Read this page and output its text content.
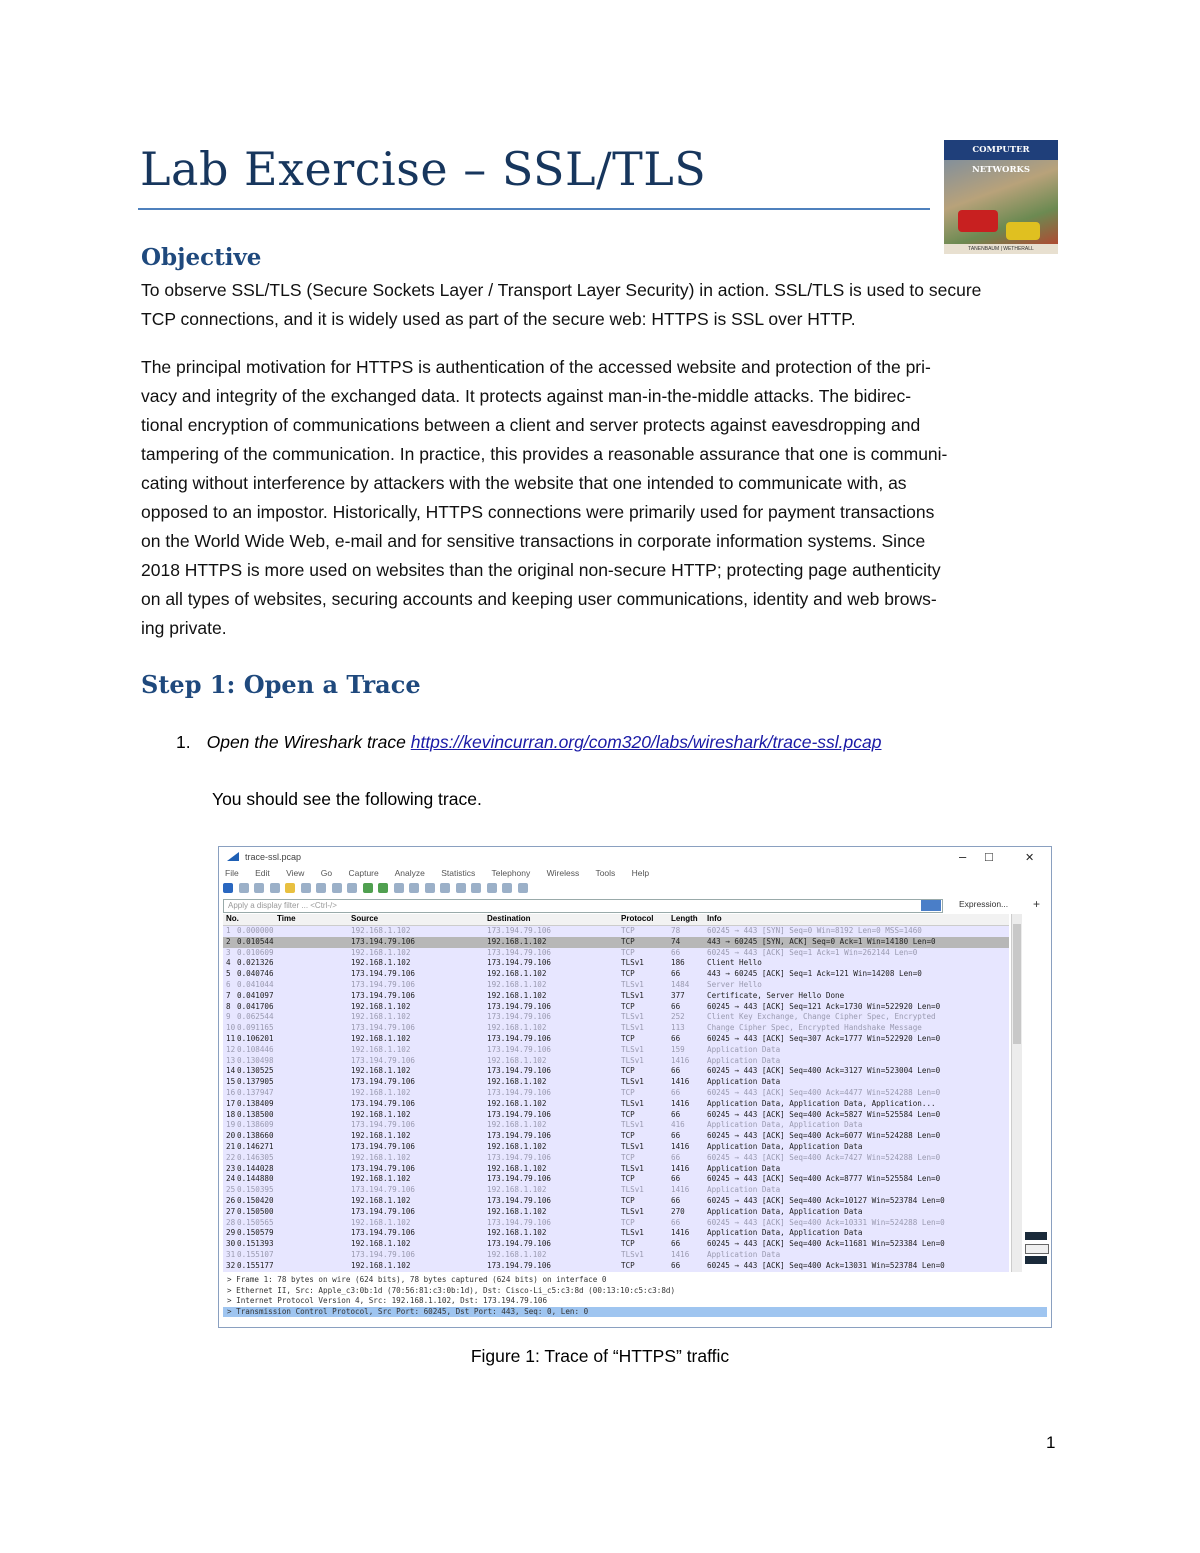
Lab Exercise – SSL/TLS	COMPUTER NETWORKS
TANENBAUM | WETHERALL
Objective
To observe SSL/TLS (Secure Sockets Layer / Transport Layer Security) in action. SSL/TLS is used to secure
TCP connections, and it is widely used as part of the secure web: HTTPS is SSL over HTTP.
The principal motivation for HTTPS is authentication of the accessed website and protection of the pri-
vacy and integrity of the exchanged data. It protects against man-in-the-middle attacks. The bidirec-
tional encryption of communications between a client and server protects against eavesdropping and
tampering of the communication. In practice, this provides a reasonable assurance that one is communi-
cating without interference by attackers with the website that one intended to communicate with, as
opposed to an impostor. Historically, HTTPS connections were primarily used for payment transactions
on the World Wide Web, e-mail and for sensitive transactions in corporate information systems. Since
2018 HTTPS is more used on websites than the original non-secure HTTP; protecting page authenticity
on all types of websites, securing accounts and keeping user communications, identity and web brows-
ing private.
Step 1: Open a Trace
1. Open the Wireshark trace https://kevincurran.org/com320/labs/wireshark/trace-ssl.pcap
You should see the following trace.
trace-ssl.pcap	– □	✕
File Edit View Go Capture Analyze Statistics Telephony Wireless Tools Help

Apply a display filter ... <Ctrl-/>	Expression... +
No.	Time	Source	Destination	Protocol Length Info
1 0.000000	192.168.1.102	173.194.79.106	TCP	78	60245 → 443 [SYN] Seq=0 Win=8192 Len=0 MSS=1460
2 0.010544	173.194.79.106	192.168.1.102	TCP	74	443 → 60245 [SYN, ACK] Seq=0 Ack=1 Win=14180 Len=0
3 0.010609	192.168.1.102	173.194.79.106	TCP	66	60245 → 443 [ACK] Seq=1 Ack=1 Win=262144 Len=0
4 0.021326	192.168.1.102	173.194.79.106	TLSv1	186	Client Hello
5 0.040746	173.194.79.106	192.168.1.102	TCP	66	443 → 60245 [ACK] Seq=1 Ack=121 Win=14208 Len=0
6 0.041044	173.194.79.106	192.168.1.102	TLSv1	1484 Server Hello
7 0.041097	173.194.79.106	192.168.1.102	TLSv1	377	Certificate, Server Hello Done
8 0.041706	192.168.1.102	173.194.79.106	TCP	66	60245 → 443 [ACK] Seq=121 Ack=1730 Win=522920 Len=0
9 0.062544	192.168.1.102	173.194.79.106	TLSv1	252	Client Key Exchange, Change Cipher Spec, Encrypted
10 0.091165	173.194.79.106	192.168.1.102	TLSv1	113	Change Cipher Spec, Encrypted Handshake Message
11 0.106201	192.168.1.102	173.194.79.106	TCP	66	60245 → 443 [ACK] Seq=307 Ack=1777 Win=522920 Len=0
12 0.108446	192.168.1.102	173.194.79.106	TLSv1	159	Application Data
13 0.130498	173.194.79.106	192.168.1.102	TLSv1	1416 Application Data
14 0.130525	192.168.1.102	173.194.79.106	TCP	66	60245 → 443 [ACK] Seq=400 Ack=3127 Win=523004 Len=0
15 0.137905	173.194.79.106	192.168.1.102	TLSv1	1416 Application Data
16 0.137947	192.168.1.102	173.194.79.106	TCP	66	60245 → 443 [ACK] Seq=400 Ack=4477 Win=524288 Len=0
17 0.138409	173.194.79.106	192.168.1.102	TLSv1	1416 Application Data, Application Data, Application...
18 0.138500	192.168.1.102	173.194.79.106	TCP	66	60245 → 443 [ACK] Seq=400 Ack=5827 Win=525584 Len=0
19 0.138609	173.194.79.106	192.168.1.102	TLSv1	416	Application Data, Application Data
20 0.138660	192.168.1.102	173.194.79.106	TCP	66	60245 → 443 [ACK] Seq=400 Ack=6077 Win=524288 Len=0
21 0.146271	173.194.79.106	192.168.1.102	TLSv1	1416 Application Data, Application Data
22 0.146305	192.168.1.102	173.194.79.106	TCP	66	60245 → 443 [ACK] Seq=400 Ack=7427 Win=524288 Len=0
23 0.144028	173.194.79.106	192.168.1.102	TLSv1	1416 Application Data
24 0.144880	192.168.1.102	173.194.79.106	TCP	66	60245 → 443 [ACK] Seq=400 Ack=8777 Win=525584 Len=0
25 0.150395	173.194.79.106	192.168.1.102	TLSv1	1416 Application Data
26 0.150420	192.168.1.102	173.194.79.106	TCP	66	60245 → 443 [ACK] Seq=400 Ack=10127 Win=523784 Len=0
27 0.150500	173.194.79.106	192.168.1.102	TLSv1	270	Application Data, Application Data
28 0.150565	192.168.1.102	173.194.79.106	TCP	66	60245 → 443 [ACK] Seq=400 Ack=10331 Win=524288 Len=0
29 0.150579	173.194.79.106	192.168.1.102	TLSv1	1416 Application Data, Application Data
30 0.151393	192.168.1.102	173.194.79.106	TCP	66	60245 → 443 [ACK] Seq=400 Ack=11681 Win=523384 Len=0
31 0.155107	173.194.79.106	192.168.1.102	TLSv1	1416 Application Data
32 0.155177	192.168.1.102	173.194.79.106	TCP	66	60245 → 443 [ACK] Seq=400 Ack=13031 Win=523784 Len=0
> Frame 1: 78 bytes on wire (624 bits), 78 bytes captured (624 bits) on interface 0
> Ethernet II, Src: Apple_c3:0b:1d (70:56:81:c3:0b:1d), Dst: Cisco-Li_c5:c3:8d (00:13:10:c5:c3:8d)
> Internet Protocol Version 4, Src: 192.168.1.102, Dst: 173.194.79.106
> Transmission Control Protocol, Src Port: 60245, Dst Port: 443, Seq: 0, Len: 0
Figure 1: Trace of “HTTPS” traffic
1
